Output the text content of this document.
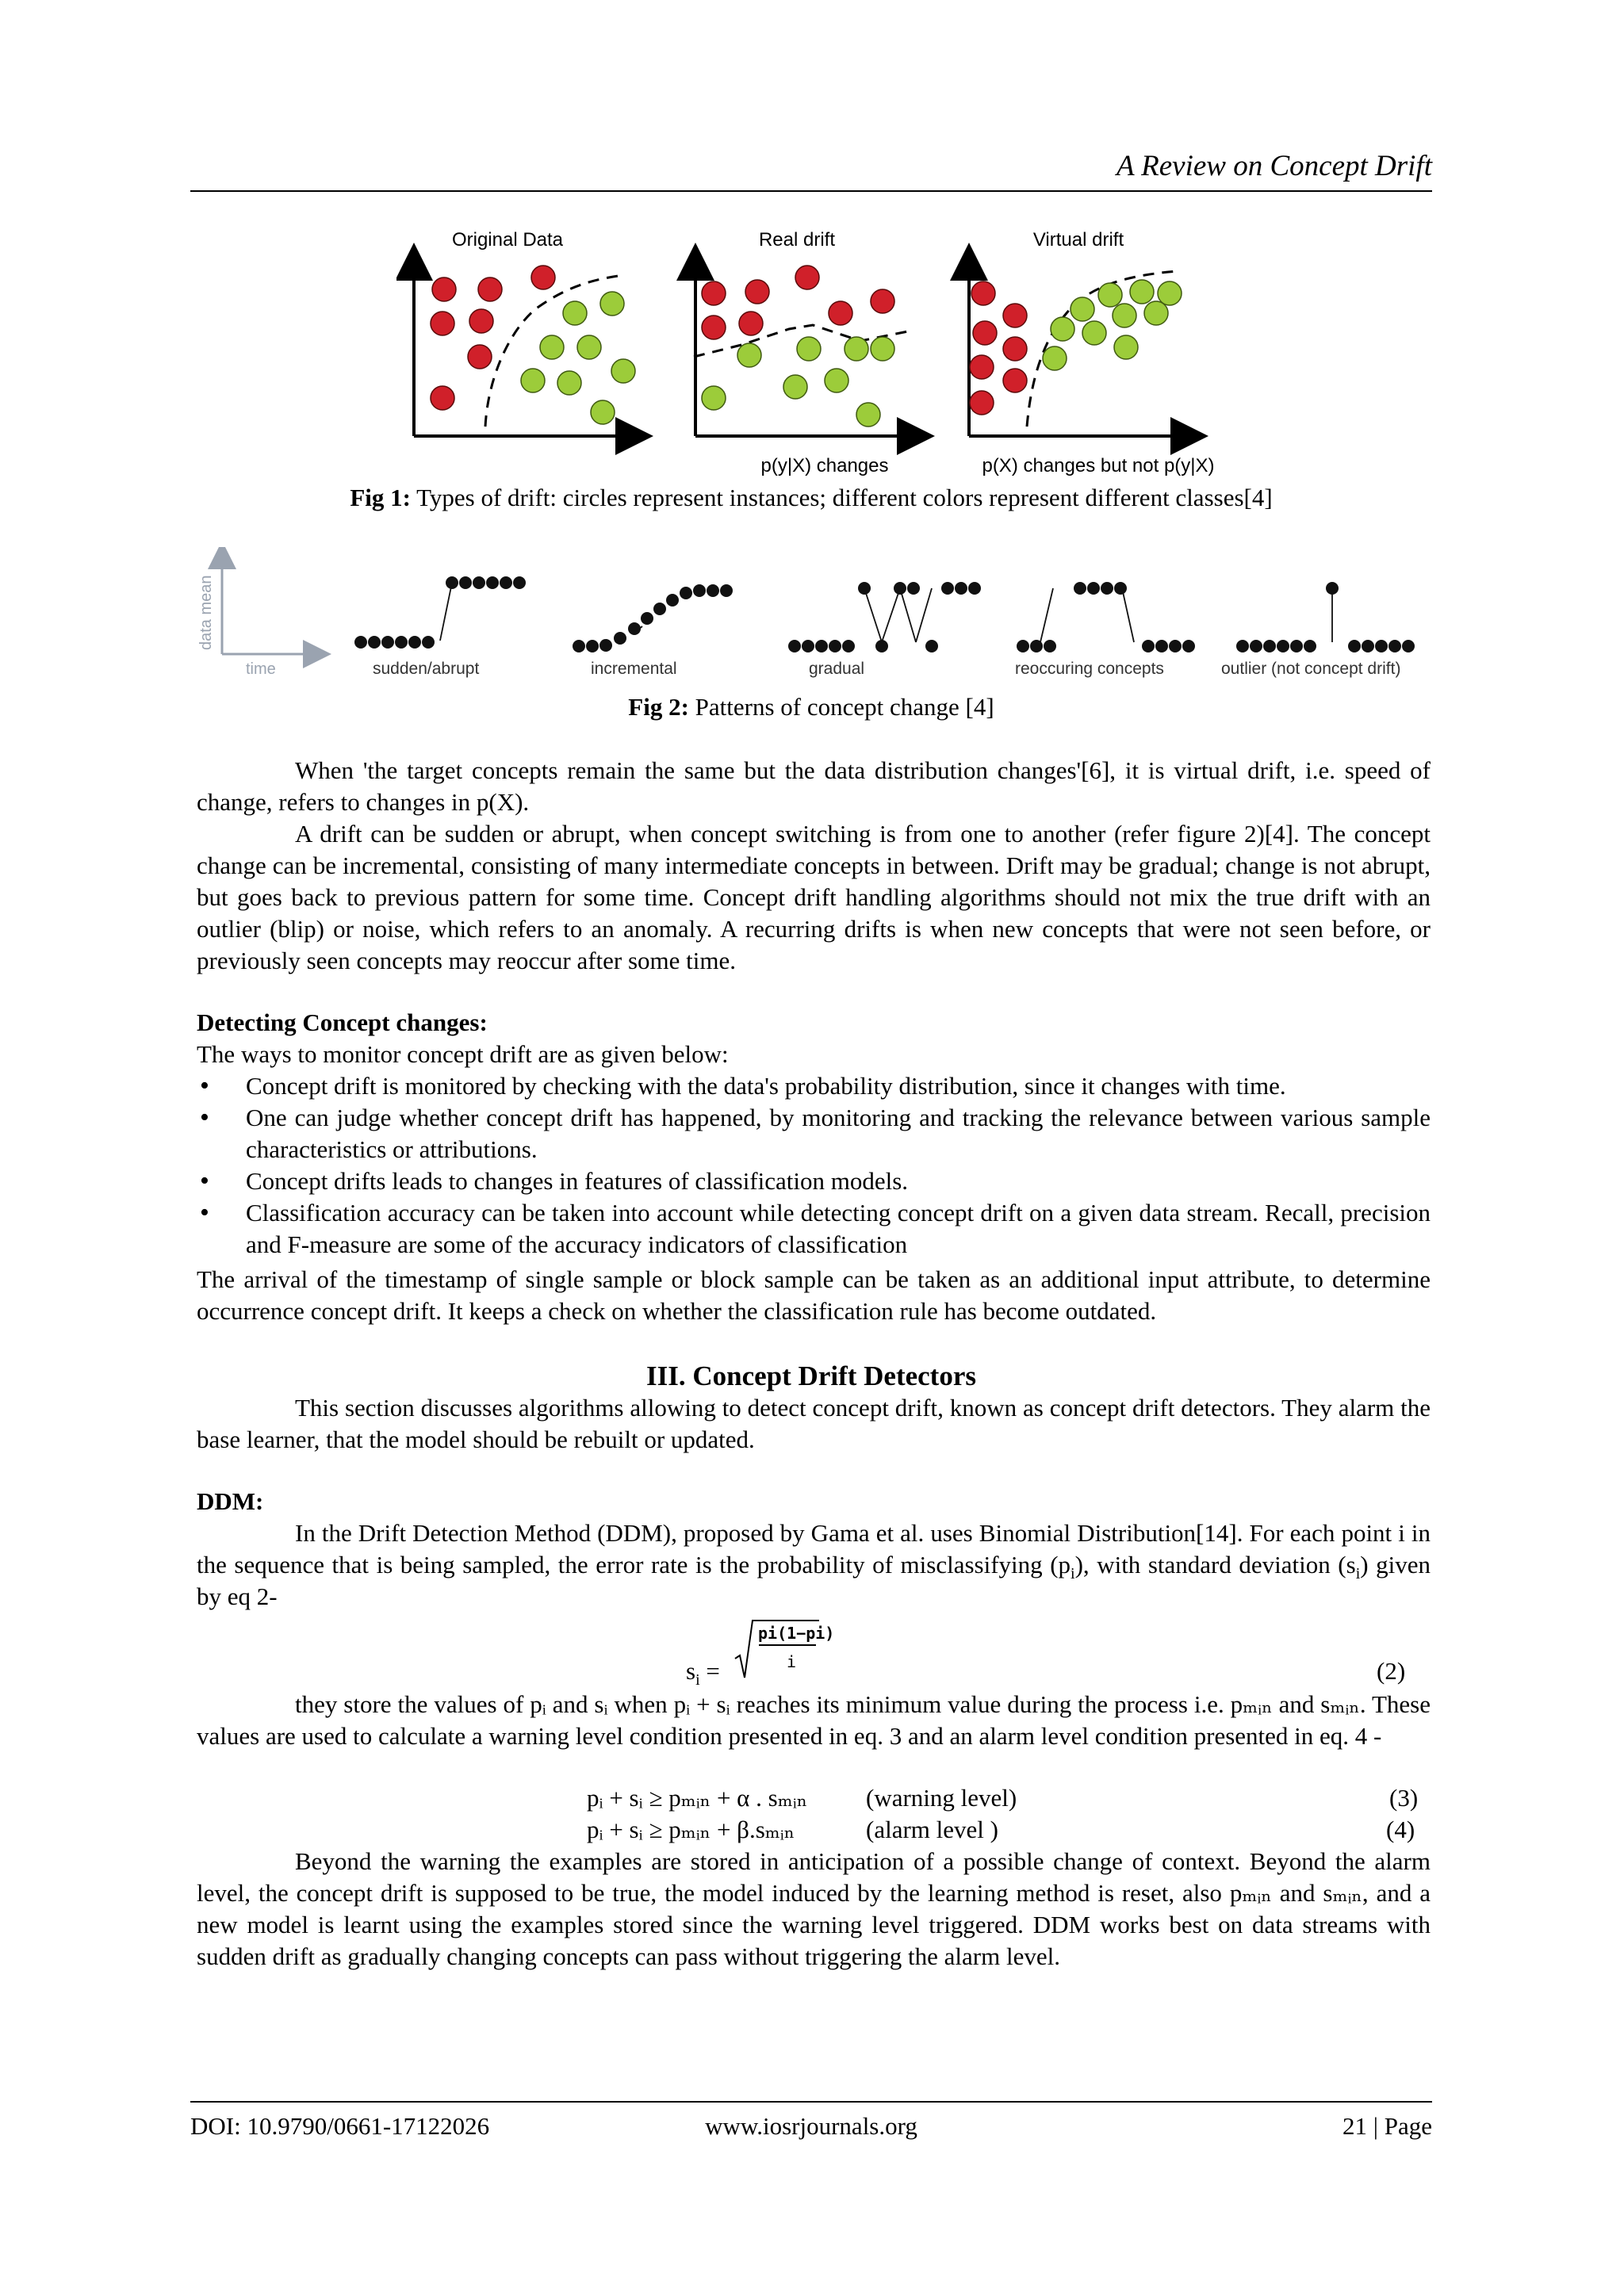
A Review on Concept Drift
Original Data	Real drift
p(y|X) changes
Virtual drift
p(X) changes but not p(y|X)
Fig 1: Types of drift: circles represent instances; different colors represent different classes[4]
data mean
time	sudden/abrupt	incremental	gradual	reoccuring concepts	outlier (not concept drift)
Fig 2: Patterns of concept change [4]
When 'the target concepts remain the same but the data distribution changes'[6], it is virtual drift, i.e. speed of change, refers to changes in p(X).
A drift can be sudden or abrupt, when concept switching is from one to another (refer figure 2)[4]. The concept change can be incremental, consisting of many intermediate concepts in between. Drift may be gradual; change is not abrupt, but goes back to previous pattern for some time. Concept drift handling algorithms should not mix the true drift with an outlier (blip) or noise, which refers to an anomaly. A recurring drifts is when new concepts that were not seen before, or previously seen concepts may reoccur after some time.
Detecting Concept changes:
The ways to monitor concept drift are as given below:
• Concept drift is monitored by checking with the data's probability distribution, since it changes with time.
• One can judge whether concept drift has happened, by monitoring and tracking the relevance between various sample characteristics or attributions.
• Concept drifts leads to changes in features of classification models.
• Classification accuracy can be taken into account while detecting concept drift on a given data stream. Recall, precision and F-measure are some of the accuracy indicators of classification
The arrival of the timestamp of single sample or block sample can be taken as an additional input attribute, to determine occurrence concept drift. It keeps a check on whether the classification rule has become outdated.
III. Concept Drift Detectors
This section discusses algorithms allowing to detect concept drift, known as concept drift detectors. They alarm the base learner, that the model should be rebuilt or updated.
DDM:
In the Drift Detection Method (DDM), proposed by Gama et al. uses Binomial Distribution[14]. For each point i in the sequence that is being sampled, the error rate is the probability of misclassifying $(p_i)$, with standard deviation $(s_i)$ given by eq 2-
$s_i$ =
pi(1−pi)
i	(2)
they store the values of pᵢ and sᵢ when pᵢ + sᵢ reaches its minimum value during the process i.e. pₘᵢₙ and sₘᵢₙ. These values are used to calculate a warning level condition presented in eq. 3 and an alarm level condition presented in eq. 4 -
pᵢ + sᵢ ≥ pₘᵢₙ + α . sₘᵢₙ (warning level)	(3)
pᵢ + sᵢ ≥ pₘᵢₙ + β.sₘᵢₙ	(alarm level )	(4)
Beyond the warning the examples are stored in anticipation of a possible change of context. Beyond the alarm level, the concept drift is supposed to be true, the model induced by the learning method is reset, also pₘᵢₙ and sₘᵢₙ, and a new model is learnt using the examples stored since the warning level triggered. DDM works best on data streams with sudden drift as gradually changing concepts can pass without triggering the alarm level.
DOI: 10.9790/0661-17122026	www.iosrjournals.org	21 | Page
